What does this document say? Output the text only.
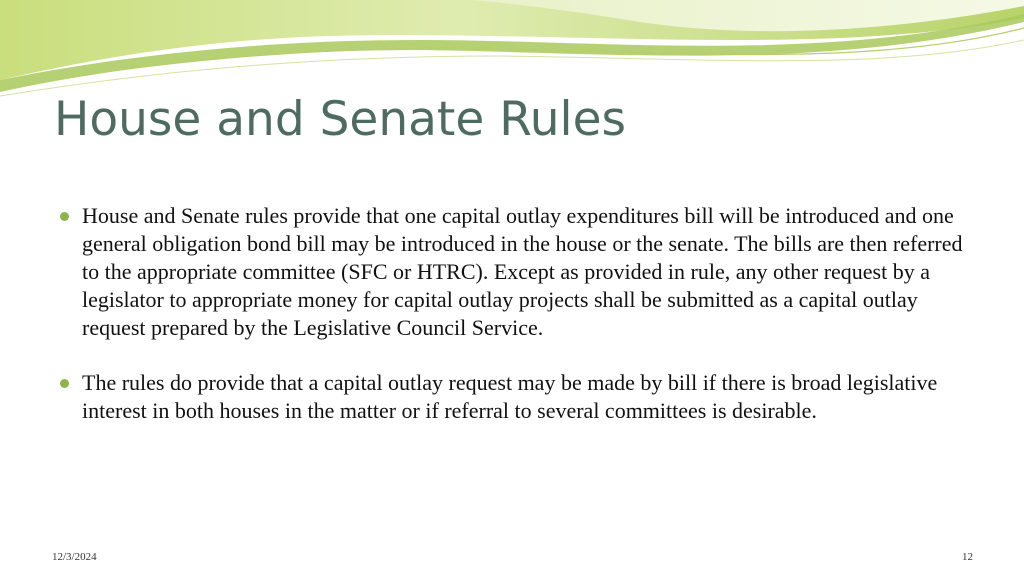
House and Senate Rules
House and Senate rules provide that one capital outlay expenditures bill will be introduced and one general obligation bond bill may be introduced in the house or the senate. The bills are then referred to the appropriate committee (SFC or HTRC). Except as provided in rule, any other request by a legislator to appropriate money for capital outlay projects shall be submitted as a capital outlay request prepared by the Legislative Council Service.
The rules do provide that a capital outlay request may be made by bill if there is broad legislative interest in both houses in the matter or if referral to several committees is desirable.
12/3/2024	12
